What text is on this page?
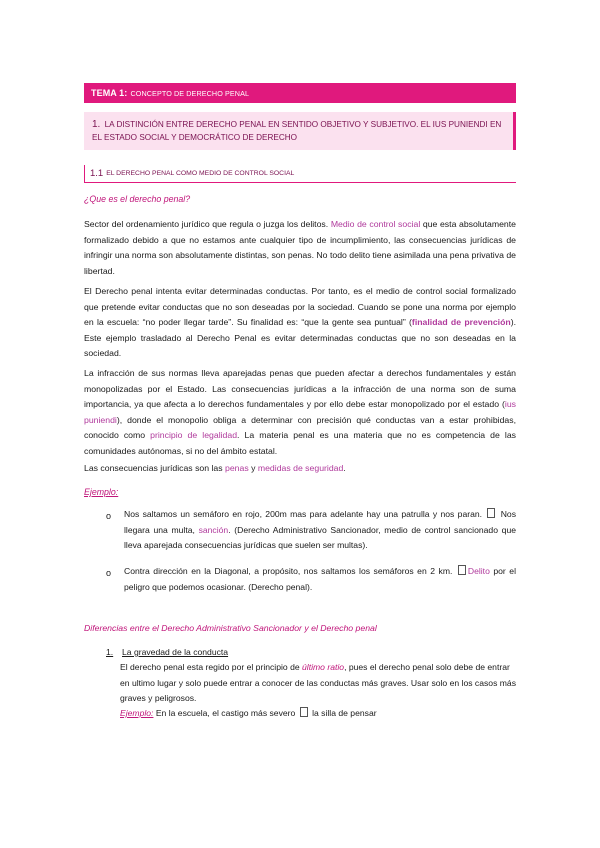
TEMA 1:
CONCEPTO DE DERECHO PENAL
1. LA DISTINCIÓN ENTRE DERECHO PENAL EN SENTIDO OBJETIVO Y SUBJETIVO. EL IUS PUNIENDI EN EL ESTADO SOCIAL Y DEMOCRÁTICO DE DERECHO
1.1 EL DERECHO PENAL COMO MEDIO DE CONTROL SOCIAL
¿Que es el derecho penal?
Sector del ordenamiento jurídico que regula o juzga los delitos. Medio de control social que esta absolutamente formalizado debido a que no estamos ante cualquier tipo de incumplimiento, las consecuencias jurídicas de infringir una norma son absolutamente distintas, son penas. No todo delito tiene asimilada una pena privativa de libertad.
El Derecho penal intenta evitar determinadas conductas. Por tanto, es el medio de control social formalizado que pretende evitar conductas que no son deseadas por la sociedad. Cuando se pone una norma por ejemplo en la escuela: “no poder llegar tarde”. Su finalidad es: “que la gente sea puntual” (finalidad de prevención). Este ejemplo trasladado al Derecho Penal es evitar determinadas conductas que no son deseadas en la sociedad.
La infracción de sus normas lleva aparejadas penas que pueden afectar a derechos fundamentales y están monopolizadas por el Estado. Las consecuencias jurídicas a la infracción de una norma son de suma importancia, ya que afecta a lo derechos fundamentales y por ello debe estar monopolizado por el estado (ius puniendi), donde el monopolio obliga a determinar con precisión qué conductas van a estar prohibidas, conocido como principio de legalidad. La materia penal es una materia que no es competencia de las comunidades autónomas, si no del ámbito estatal.
Las consecuencias jurídicas son las penas y medidas de seguridad.
Ejemplo:
o Nos saltamos un semáforo en rojo, 200m mas para adelante hay una patrulla y nos paran.  Nos llegara una multa, sanción. (Derecho Administrativo Sancionador, medio de control sancionado que lleva aparejada consecuencias jurídicas que suelen ser multas).
o Contra dirección en la Diagonal, a propósito, nos saltamos los semáforos en 2 km. Delito por el peligro que podemos ocasionar. (Derecho penal).
Diferencias entre el Derecho Administrativo Sancionador y el Derecho penal
1. La gravedad de la conducta
El derecho penal esta regido por el principio de último ratio, pues el derecho penal solo debe de entrar en ultimo lugar y solo puede entrar a conocer de las conductas más graves. Usar solo en los casos más graves y peligrosos.
Ejemplo: En la escuela, el castigo más severo  la silla de pensar
